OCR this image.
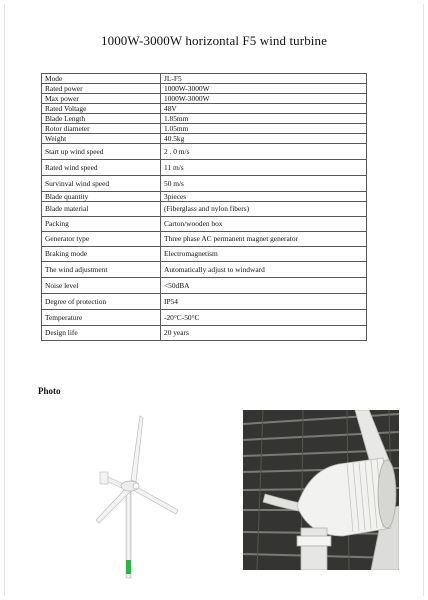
1000W-3000W horizontal F5 wind turbine
Mode	JL-F5
Rated power	1000W-3000W
Max power	1000W-3000W
Rated Voltage	48V
Blade Length	1.85mm
Rotor diameter	1.05mm
Weight	40.5kg
Start up wind speed	2 . 0 m/s
Rated wind speed	11 m/s
Survinval wind speed	50 m/s
Blade quantity	3pieces
Blade material	(Fiberglass and nylon fibers)
Packing	Carton/wooden box
Generator type	Three phase AC permanent magnet generator
Braking mode	Electromagnetism
The wind adjustment	Automatically adjust to windward
Noise level	<50dBA
Degree of protection	IP54
Temperature	-20°C-50°C
Design life	20 years
Photo
